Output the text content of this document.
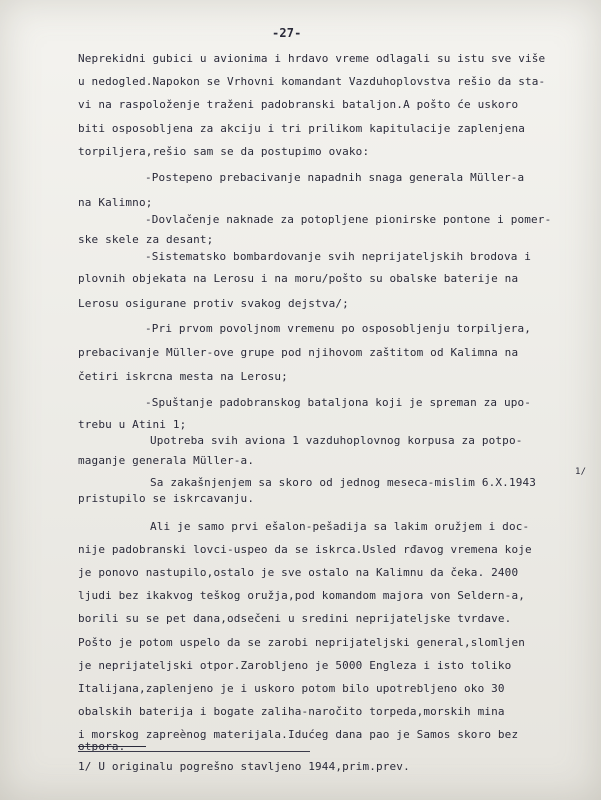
-27-
Neprekidni gubici u avionima i hrdavo vreme odlagali su istu sve više
u nedogled.Napokon se Vrhovni komandant Vazduhoplovstva rešio da sta-
vi na raspoloženje traženi padobranski bataljon.A pošto će uskoro
biti osposobljena za akciju i tri prilikom kapitulacije zaplenjena
torpiljera,rešio sam se da postupimo ovako:
-Postepeno prebacivanje napadnih snaga generala Müller-a
na Kalimno;
-Dovlačenje naknade za potopljene pionirske pontone i pomer-
ske skele za desant;
-Sistematsko bombardovanje svih neprijateljskih brodova i
plovnih objekata na Lerosu i na moru/pošto su obalske baterije na
Lerosu osigurane protiv svakog dejstva/;
-Pri prvom povoljnom vremenu po osposobljenju torpiljera,
prebacivanje Müller-ove grupe pod njihovom zaštitom od Kalimna na
četiri iskrcna mesta na Lerosu;
-Spuštanje padobranskog bataljona koji je spreman za upo-
trebu u Atini 1;
Upotreba svih aviona 1 vazduhoplovnog korpusa za potpo-
maganje generala Müller-a.
Sa zakašnjenjem sa skoro od jednog meseca-mislim 6.X.1943
1/
pristupilo se iskrcavanju.
Ali je samo prvi ešalon-pešadija sa lakim oružjem i doc-
nije padobranski lovci-uspeo da se iskrca.Usled rđavog vremena koje
je ponovo nastupilo,ostalo je sve ostalo na Kalimnu da čeka. 2400
ljudi bez ikakvog teškog oružja,pod komandom majora von Seldern-a,
borili su se pet dana,odsečeni u sredini neprijateljske tvrdave.
Pošto je potom uspelo da se zarobi neprijateljski general,slomljen
je neprijateljski otpor.Zarobljeno je 5000 Engleza i isto toliko
Italijana,zaplenjeno je i uskoro potom bilo upotrebljeno oko 30
obalskih baterija i bogate zaliha-naročito torpeda,morskih mina
i morskog zapreènog materijala.Idućeg dana pao je Samos skoro bez
otpora.
1/ U originalu pogrešno stavljeno 1944,prim.prev.
